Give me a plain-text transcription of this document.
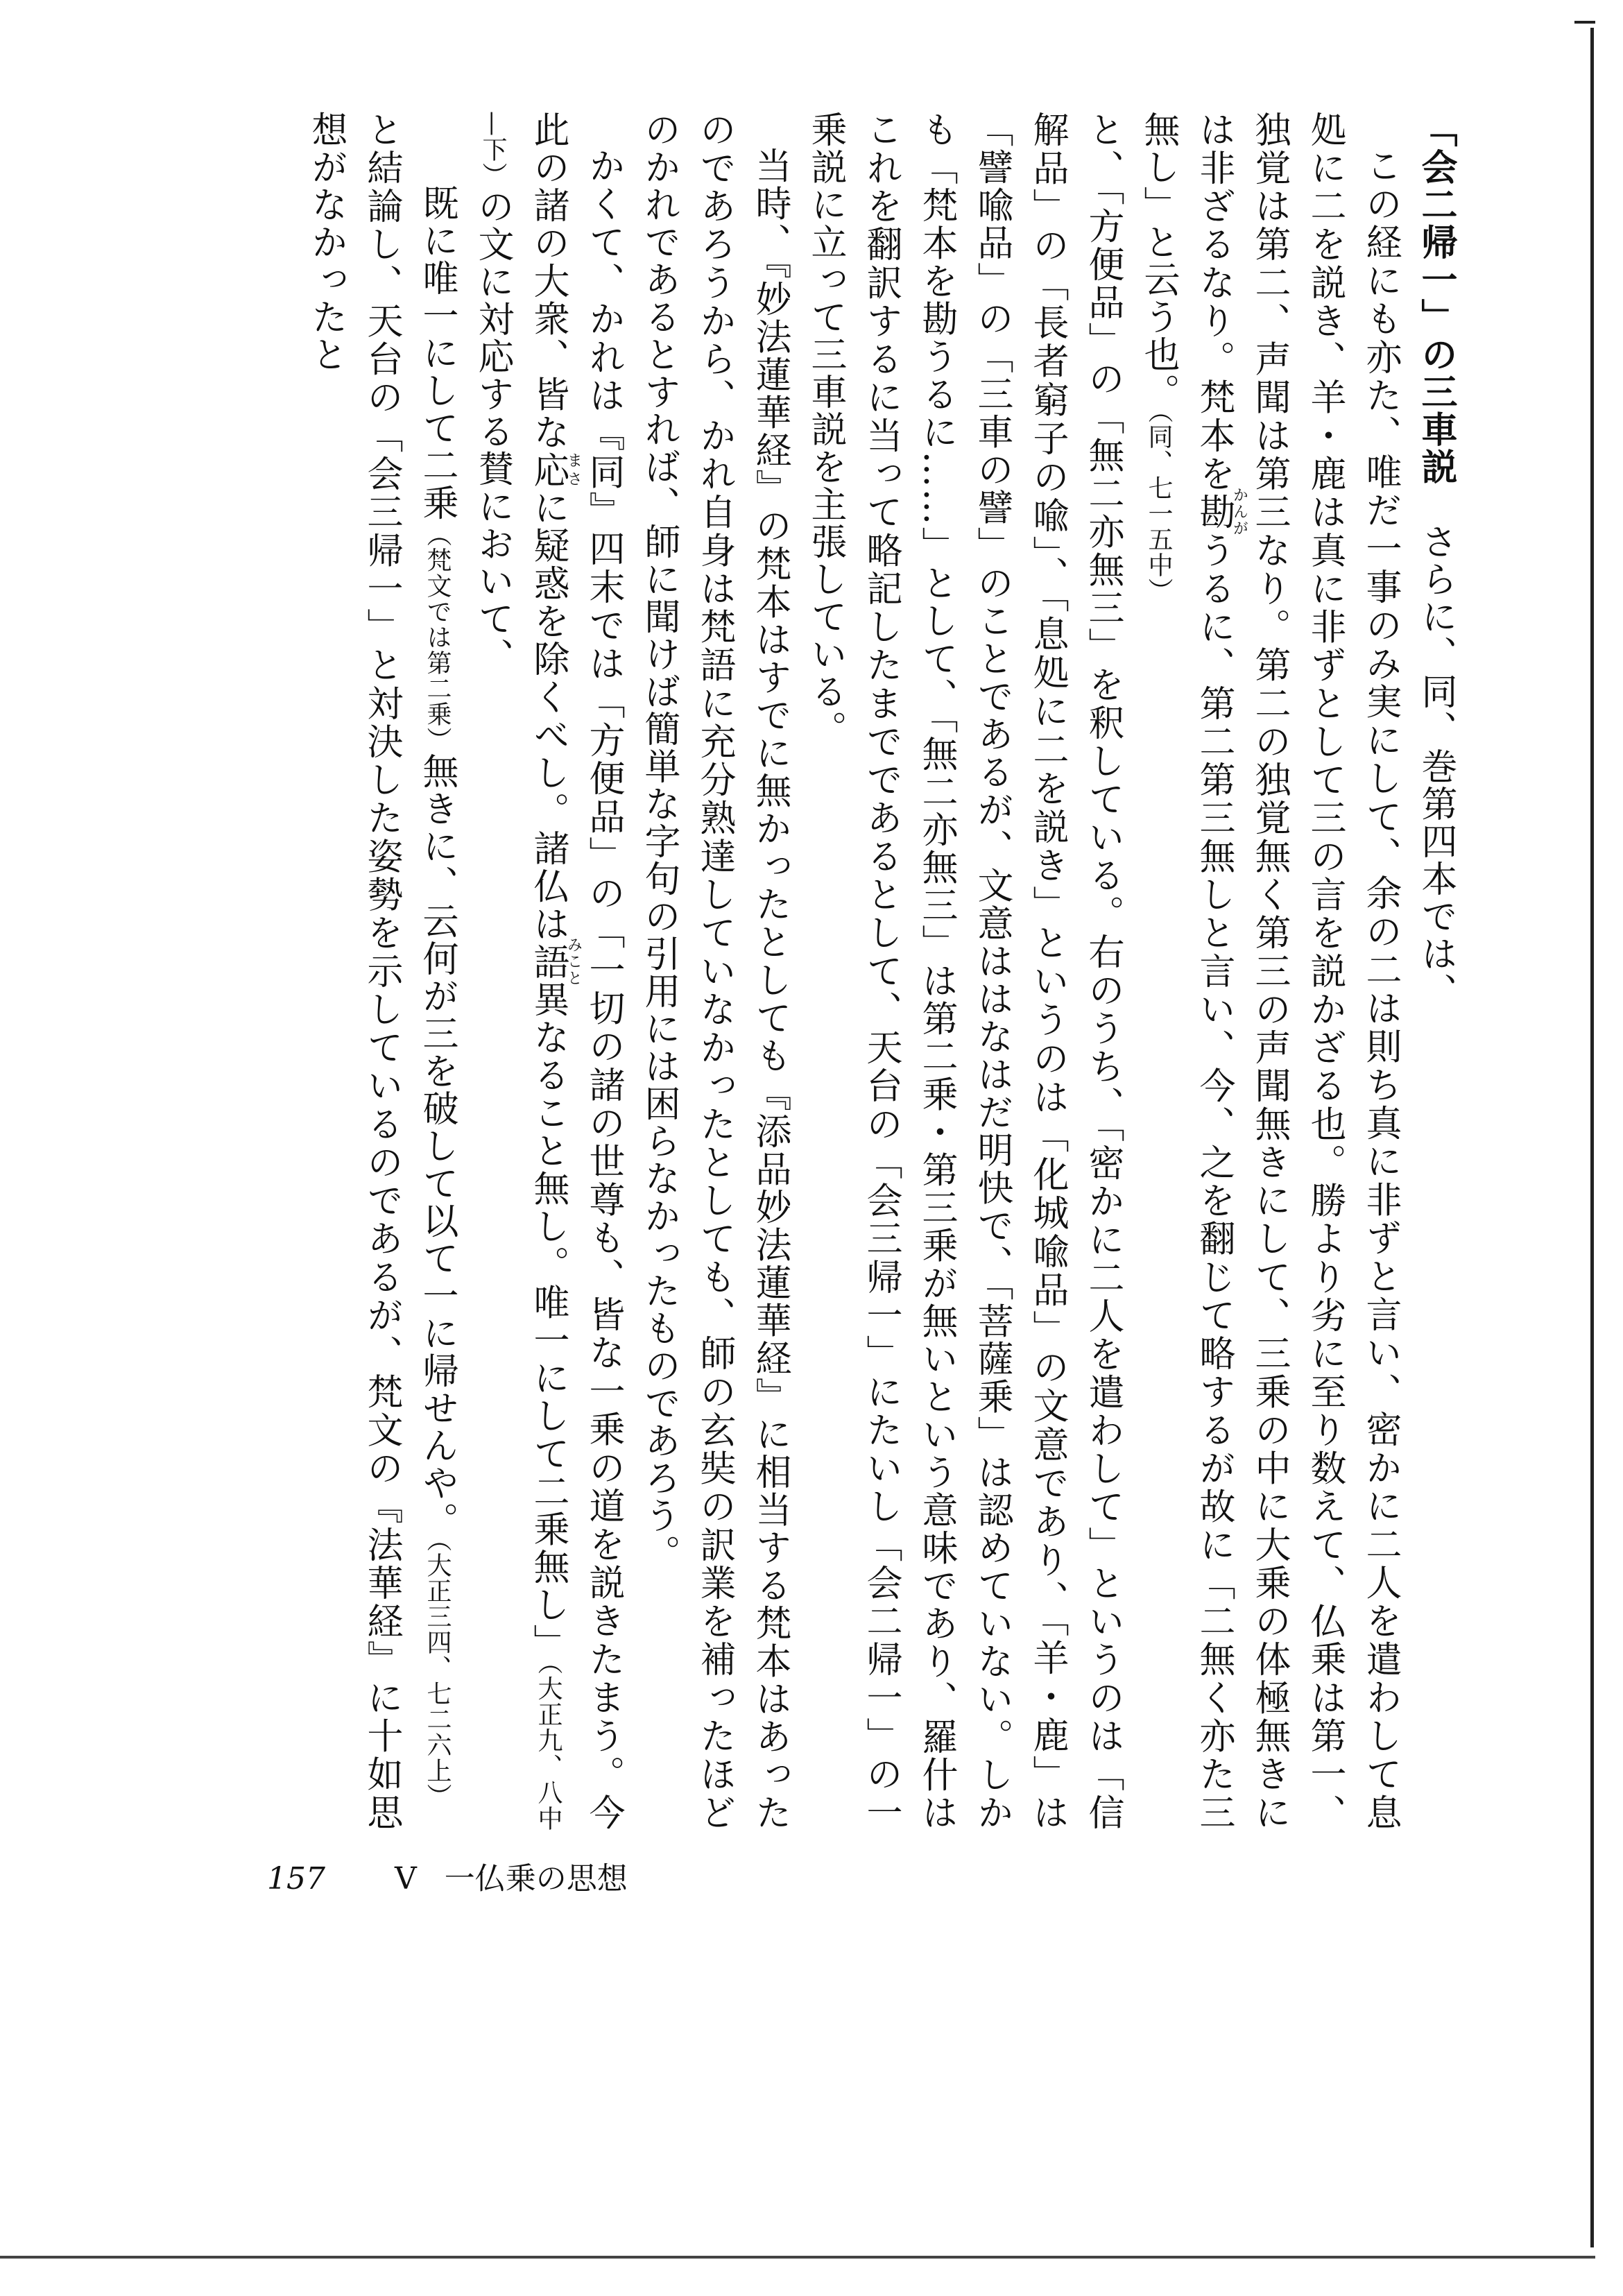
「会二帰一」の三車説　さらに、同、巻第四本では、

この経にも亦た、唯だ一事のみ実にして、余の二は則ち真に非ずと言い、密かに二人を遣わして息処に二を説き、羊・鹿は真に非ずとして三の言を説かざる也。勝より劣に至り数えて、仏乗は第一、独覚は第二、声聞は第三なり。第二の独覚無く第三の声聞無きにして、三乗の中に大乗の体極無きには非ざるなり。梵本を勘かんがうるに、第二第三無しと言い、今、之を翻じて略するが故に「二無く亦た三無し」と云う也。（同、七一五中）

と、「方便品」の「無二亦無三」を釈している。右のうち、「密かに二人を遣わして」というのは「信解品」の「長者窮子の喩」、「息処に二を説き」というのは「化城喩品」の文意であり、「羊・鹿」は「譬喩品」の「三車の譬」のことであるが、文意ははなはだ明快で、「菩薩乗」は認めていない。しかも「梵本を勘うるに……」として、「無二亦無三」は第二乗・第三乗が無いという意味であり、羅什はこれを翻訳するに当って略記したまでであるとして、天台の「会三帰一」にたいし「会二帰一」の一乗説に立って三車説を主張している。

当時、『妙法蓮華経』の梵本はすでに無かったとしても『添品妙法蓮華経』に相当する梵本はあったのであろうから、かれ自身は梵語に充分熟達していなかったとしても、師の玄奘の訳業を補ったほどのかれであるとすれば、師に聞けば簡単な字句の引用には困らなかったものであろう。

かくて、かれは『同』四末では「方便品」の「一切の諸の世尊も、皆な一乗の道を説きたまう。今此の諸の大衆、皆な応まさに疑惑を除くべし。諸仏は語みこと異なること無し。唯一にして二乗無し」（大正九、八中—下）の文に対応する賛において、

　既に唯一にして二乗（梵文では第二乗）無きに、云何が三を破して以て一に帰せんや。（大正三四、七二六上）

と結論し、天台の「会三帰一」と対決した姿勢を示しているのであるが、梵文の『法華経』に十如思想がなかったと

157 V 一仏乗の思想
